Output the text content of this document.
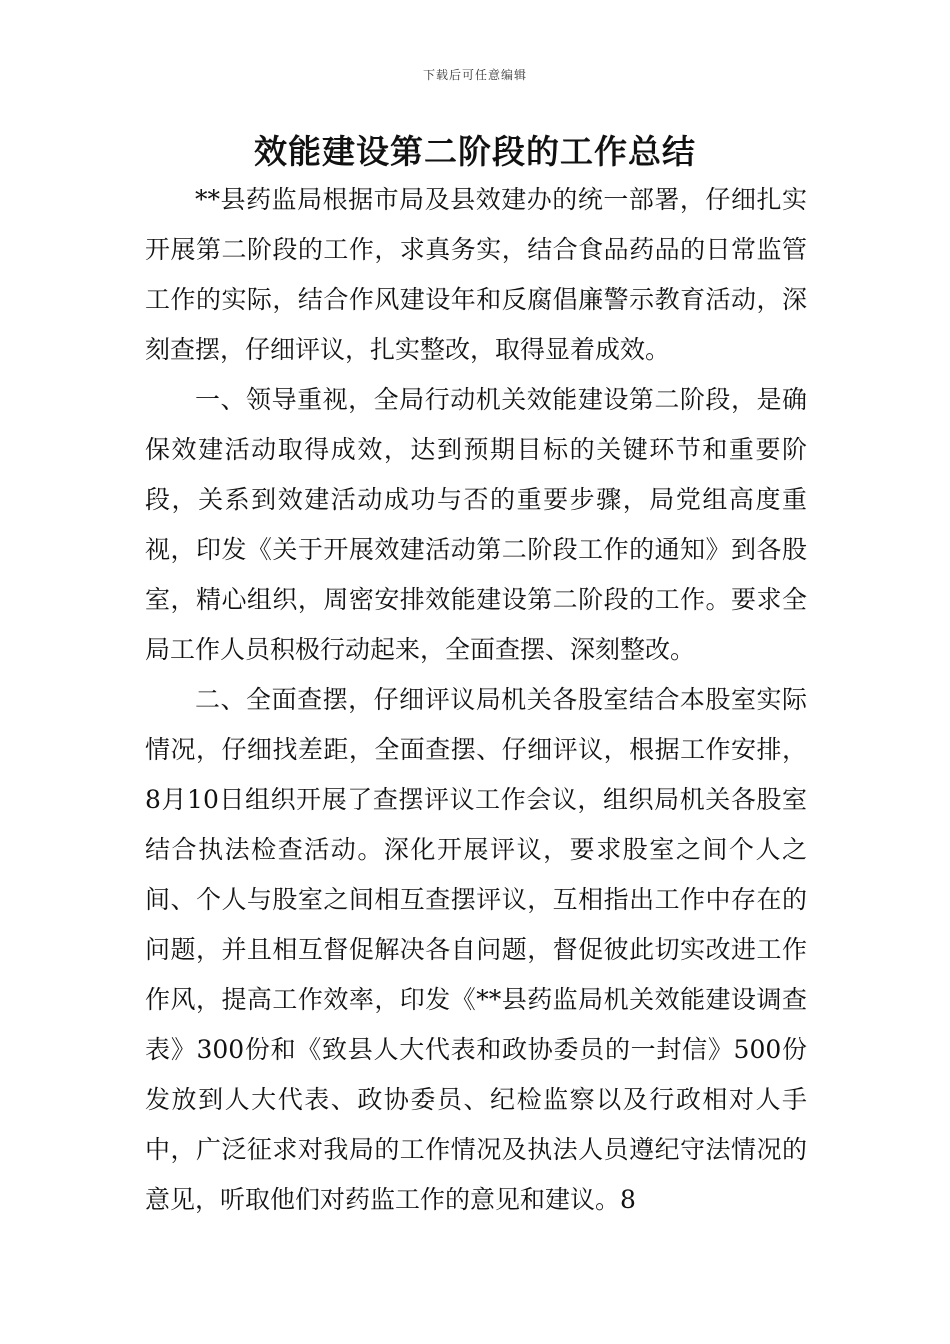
下载后可任意编辑
效能建设第二阶段的工作总结

**县药监局根据市局及县效建办的统一部署，仔细扎实开展第二阶段的工作，求真务实，结合食品药品的日常监管工作的实际，结合作风建设年和反腐倡廉警示教育活动，深刻查摆，仔细评议，扎实整改，取得显着成效。

一、领导重视，全局行动机关效能建设第二阶段，是确保效建活动取得成效，达到预期目标的关键环节和重要阶段，关系到效建活动成功与否的重要步骤，局党组高度重视，印发《关于开展效建活动第二阶段工作的通知》到各股室，精心组织，周密安排效能建设第二阶段的工作。要求全局工作人员积极行动起来，全面查摆、深刻整改。

二、全面查摆，仔细评议局机关各股室结合本股室实际情况，仔细找差距，全面查摆、仔细评议，根据工作安排，8月10日组织开展了查摆评议工作会议，组织局机关各股室结合执法检查活动。深化开展评议，要求股室之间个人之间、个人与股室之间相互查摆评议，互相指出工作中存在的问题，并且相互督促解决各自问题，督促彼此切实改进工作作风，提高工作效率，印发《**县药监局机关效能建设调查表》300份和《致县人大代表和政协委员的一封信》500份发放到人大代表、政协委员、纪检监察以及行政相对人手中，广泛征求对我局的工作情况及执法人员遵纪守法情况的意见，听取他们对药监工作的意见和建议。8
